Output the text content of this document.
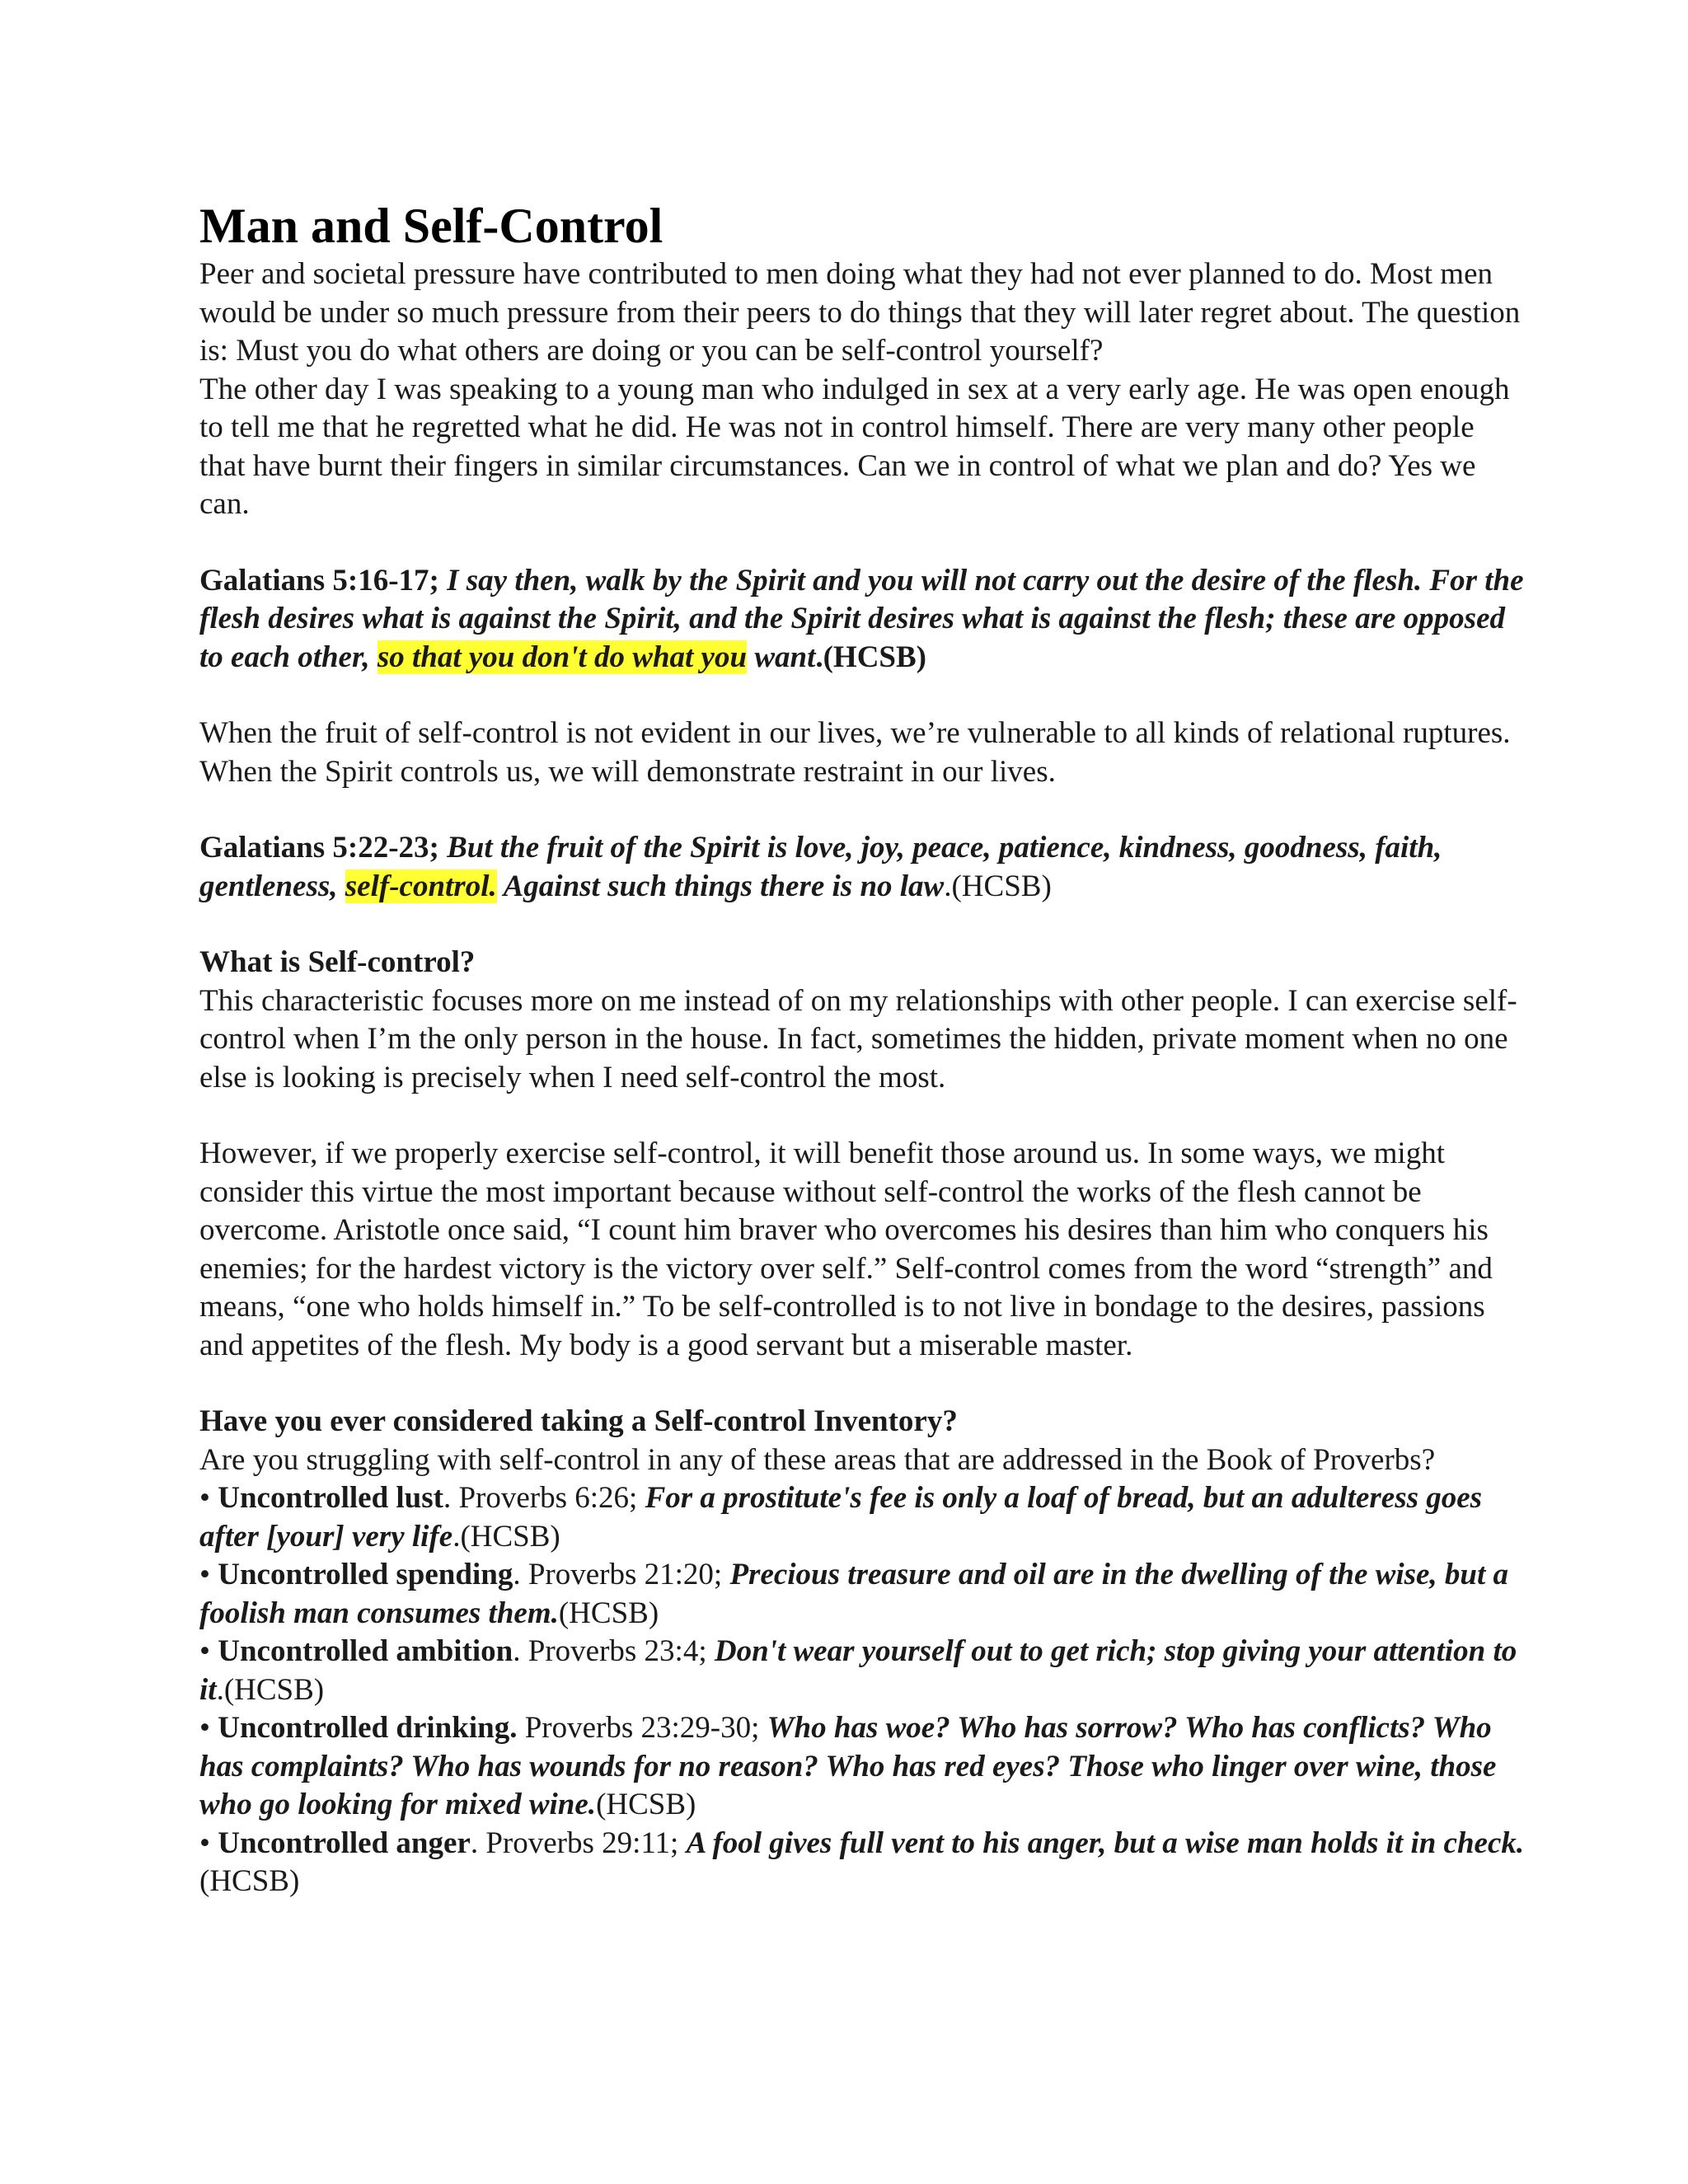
Man and Self-Control

Peer and societal pressure have contributed to men doing what they had not ever planned to do. Most men would be under so much pressure from their peers to do things that they will later regret about. The question is: Must you do what others are doing or you can be self-control yourself?

The other day I was speaking to a young man who indulged in sex at a very early age. He was open enough to tell me that he regretted what he did. He was not in control himself. There are very many other people that have burnt their fingers in similar circumstances. Can we in control of what we plan and do? Yes we can.

Galatians 5:16-17; I say then, walk by the Spirit and you will not carry out the desire of the flesh. For the flesh desires what is against the Spirit, and the Spirit desires what is against the flesh; these are opposed to each other, so that you don't do what you want.(HCSB)

When the fruit of self-control is not evident in our lives, we’re vulnerable to all kinds of relational ruptures. When the Spirit controls us, we will demonstrate restraint in our lives.

Galatians 5:22-23; But the fruit of the Spirit is love, joy, peace, patience, kindness, goodness, faith, gentleness, self-control. Against such things there is no law.(HCSB)

What is Self-control?

This characteristic focuses more on me instead of on my relationships with other people. I can exercise self-control when I’m the only person in the house. In fact, sometimes the hidden, private moment when no one else is looking is precisely when I need self-control the most.

However, if we properly exercise self-control, it will benefit those around us. In some ways, we might consider this virtue the most important because without self-control the works of the flesh cannot be overcome. Aristotle once said, “I count him braver who overcomes his desires than him who conquers his enemies; for the hardest victory is the victory over self.” Self-control comes from the word “strength” and means, “one who holds himself in.” To be self-controlled is to not live in bondage to the desires, passions and appetites of the flesh. My body is a good servant but a miserable master.

Have you ever considered taking a Self-control Inventory?

Are you struggling with self-control in any of these areas that are addressed in the Book of Proverbs?

• Uncontrolled lust. Proverbs 6:26; For a prostitute's fee is only a loaf of bread, but an adulteress goes after [your] very life.(HCSB)

• Uncontrolled spending. Proverbs 21:20; Precious treasure and oil are in the dwelling of the wise, but a foolish man consumes them.(HCSB)

• Uncontrolled ambition. Proverbs 23:4; Don't wear yourself out to get rich; stop giving your attention to it.(HCSB)

• Uncontrolled drinking. Proverbs 23:29-30; Who has woe? Who has sorrow? Who has conflicts? Who has complaints? Who has wounds for no reason? Who has red eyes? Those who linger over wine, those who go looking for mixed wine.(HCSB)

• Uncontrolled anger. Proverbs 29:11; A fool gives full vent to his anger, but a wise man holds it in check.(HCSB)
